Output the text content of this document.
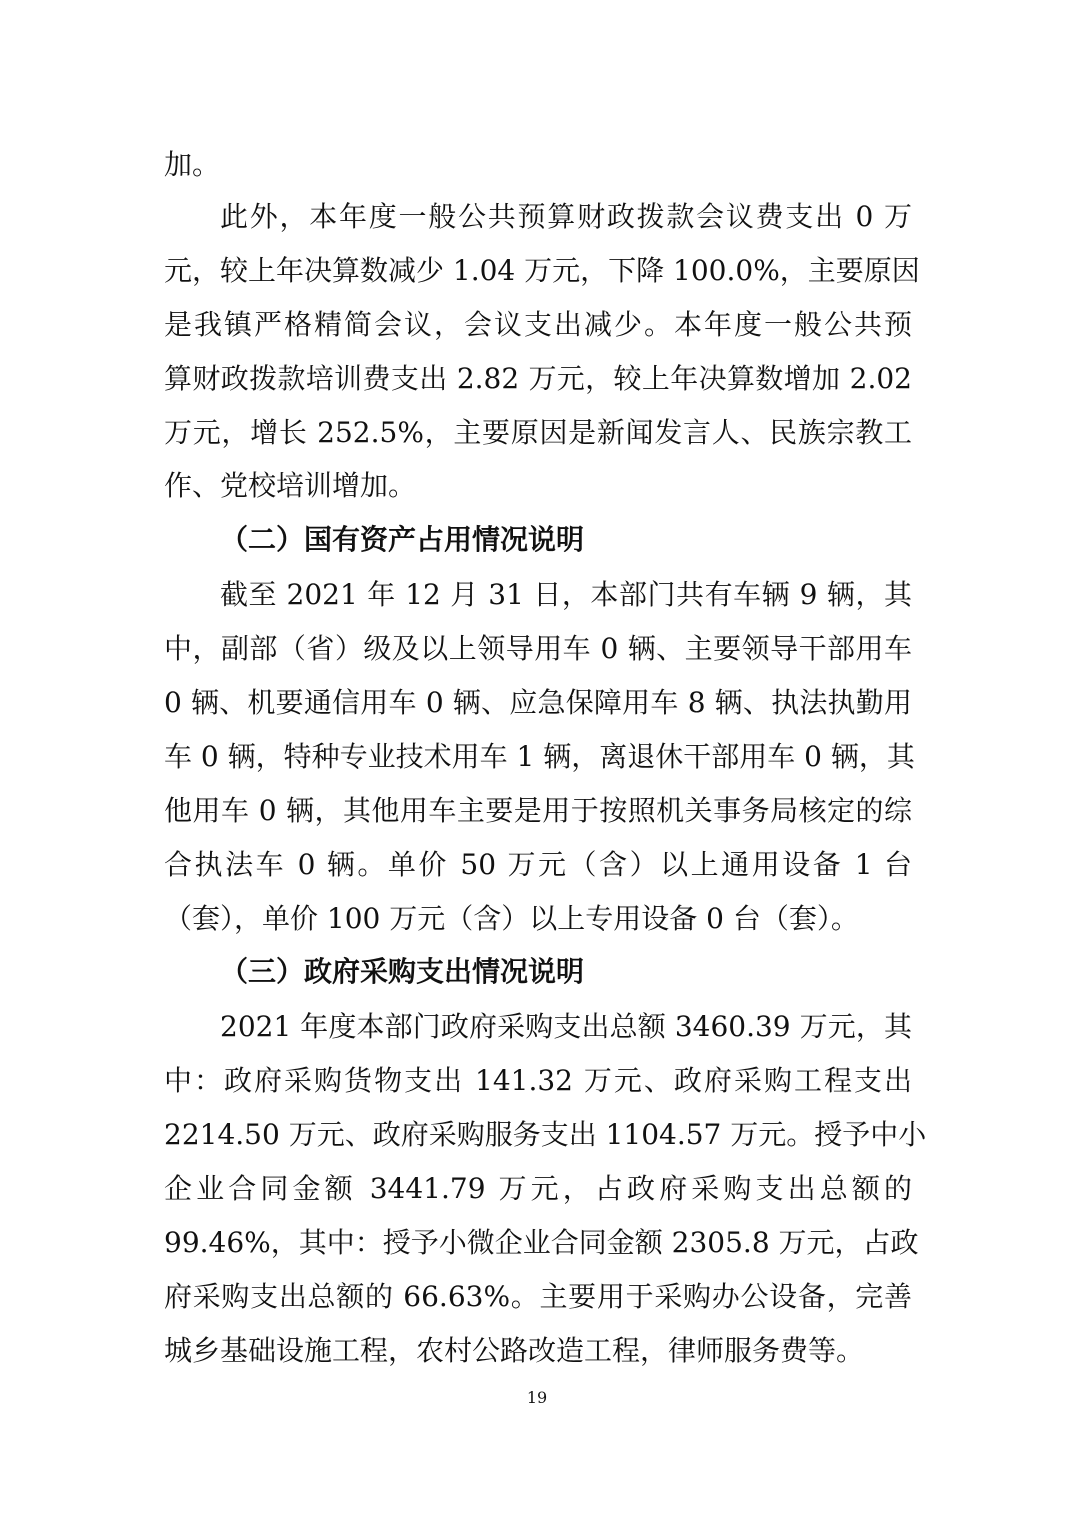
加。
此外，本年度一般公共预算财政拨款会议费支出 0 万
元，较上年决算数减少 1.04 万元，下降 100.0%，主要原因
是我镇严格精简会议，会议支出减少。本年度一般公共预
算财政拨款培训费支出 2.82 万元，较上年决算数增加 2.02
万元，增长 252.5%，主要原因是新闻发言人、民族宗教工
作、党校培训增加。
（二）国有资产占用情况说明
截至 2021 年 12 月 31 日，本部门共有车辆 9 辆，其
中，副部（省）级及以上领导用车 0 辆、主要领导干部用车
0 辆、机要通信用车 0 辆、应急保障用车 8 辆、执法执勤用
车 0 辆，特种专业技术用车 1 辆，离退休干部用车 0 辆，其
他用车 0 辆，其他用车主要是用于按照机关事务局核定的综
合执法车 0 辆。单价 50 万元（含）以上通用设备 1 台
（套），单价 100 万元（含）以上专用设备 0 台（套）。
（三）政府采购支出情况说明
2021 年度本部门政府采购支出总额 3460.39 万元，其
中：政府采购货物支出 141.32 万元、政府采购工程支出
2214.50 万元、政府采购服务支出 1104.57 万元。授予中小
企业合同金额 3441.79 万元，占政府采购支出总额的
99.46%，其中：授予小微企业合同金额 2305.8 万元，占政
府采购支出总额的 66.63%。主要用于采购办公设备，完善
城乡基础设施工程，农村公路改造工程，律师服务费等。
19
